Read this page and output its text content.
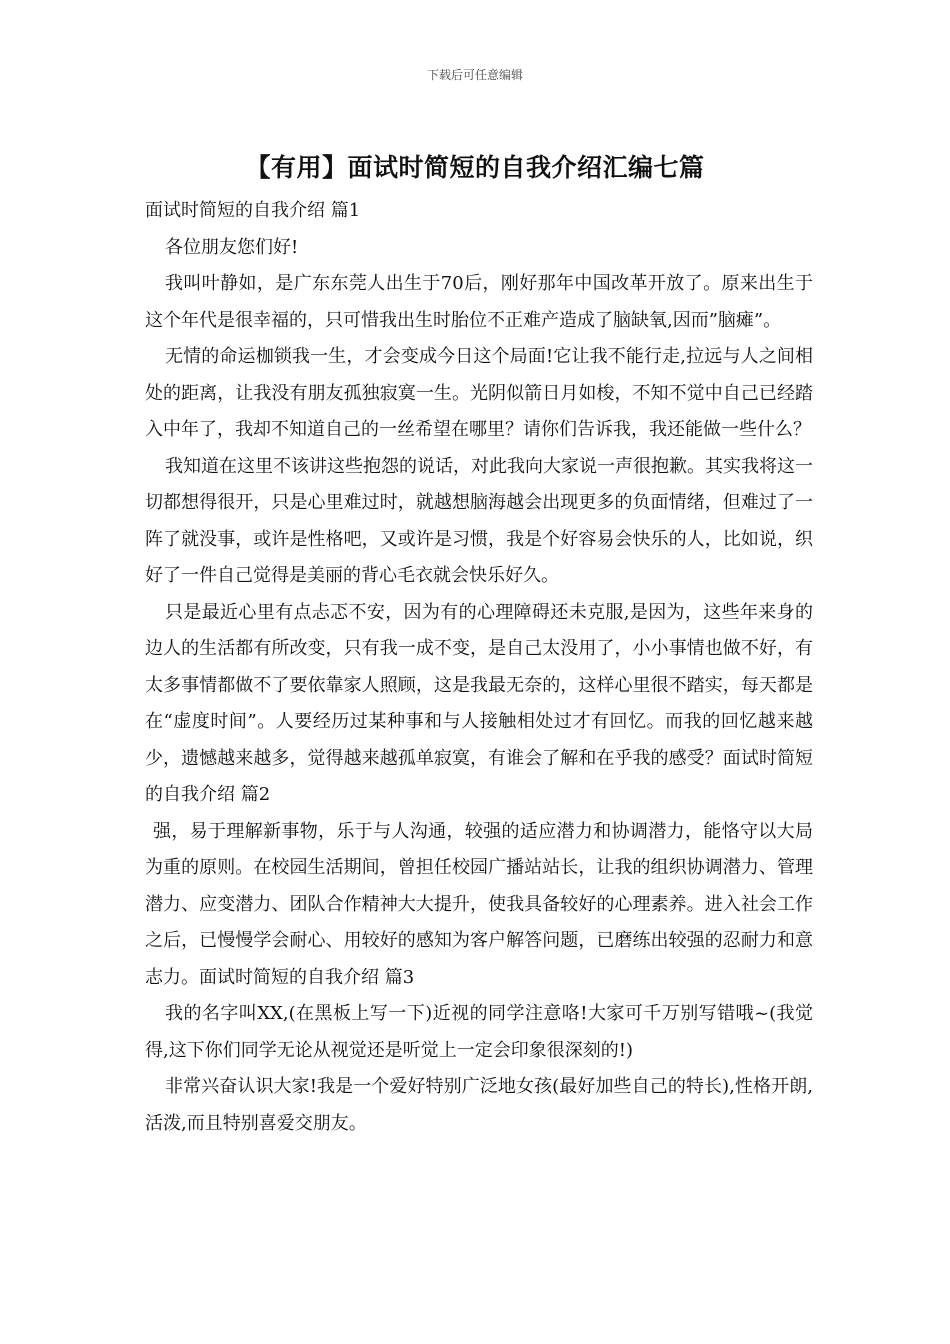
下载后可任意编辑
【有用】面试时简短的自我介绍汇编七篇

面试时简短的自我介绍 篇1

各位朋友您们好!

我叫叶静如，是广东东莞人出生于70后，刚好那年中国改革开放了。原来出生于这个年代是很幸福的，只可惜我出生时胎位不正难产造成了脑缺氧,因而”脑瘫”。

无情的命运枷锁我一生，才会变成今日这个局面!它让我不能行走,拉远与人之间相处的距离，让我没有朋友孤独寂寞一生。光阴似箭日月如梭，不知不觉中自己已经踏入中年了，我却不知道自己的一丝希望在哪里？请你们告诉我，我还能做一些什么？

我知道在这里不该讲这些抱怨的说话，对此我向大家说一声很抱歉。其实我将这一切都想得很开，只是心里难过时，就越想脑海越会出现更多的负面情绪，但难过了一阵了就没事，或许是性格吧，又或许是习惯，我是个好容易会快乐的人，比如说，织好了一件自己觉得是美丽的背心毛衣就会快乐好久。

只是最近心里有点忐忑不安，因为有的心理障碍还未克服,是因为，这些年来身的边人的生活都有所改变，只有我一成不变，是自己太没用了，小小事情也做不好，有太多事情都做不了要依靠家人照顾，这是我最无奈的，这样心里很不踏实，每天都是在“虚度时间”。人要经历过某种事和与人接触相处过才有回忆。而我的回忆越来越少，遗憾越来越多，觉得越来越孤单寂寞，有谁会了解和在乎我的感受？面试时简短的自我介绍 篇2

强，易于理解新事物，乐于与人沟通，较强的适应潜力和协调潜力，能恪守以大局为重的原则。在校园生活期间，曾担任校园广播站站长，让我的组织协调潜力、管理潜力、应变潜力、团队合作精神大大提升，使我具备较好的心理素养。进入社会工作之后，已慢慢学会耐心、用较好的感知为客户解答问题，已磨练出较强的忍耐力和意志力。面试时简短的自我介绍 篇3

我的名字叫XX,(在黑板上写一下)近视的同学注意咯!大家可千万别写错哦~(我觉得,这下你们同学无论从视觉还是听觉上一定会印象很深刻的!)

非常兴奋认识大家!我是一个爱好特别广泛地女孩(最好加些自己的特长),性格开朗,活泼,而且特别喜爱交朋友。
